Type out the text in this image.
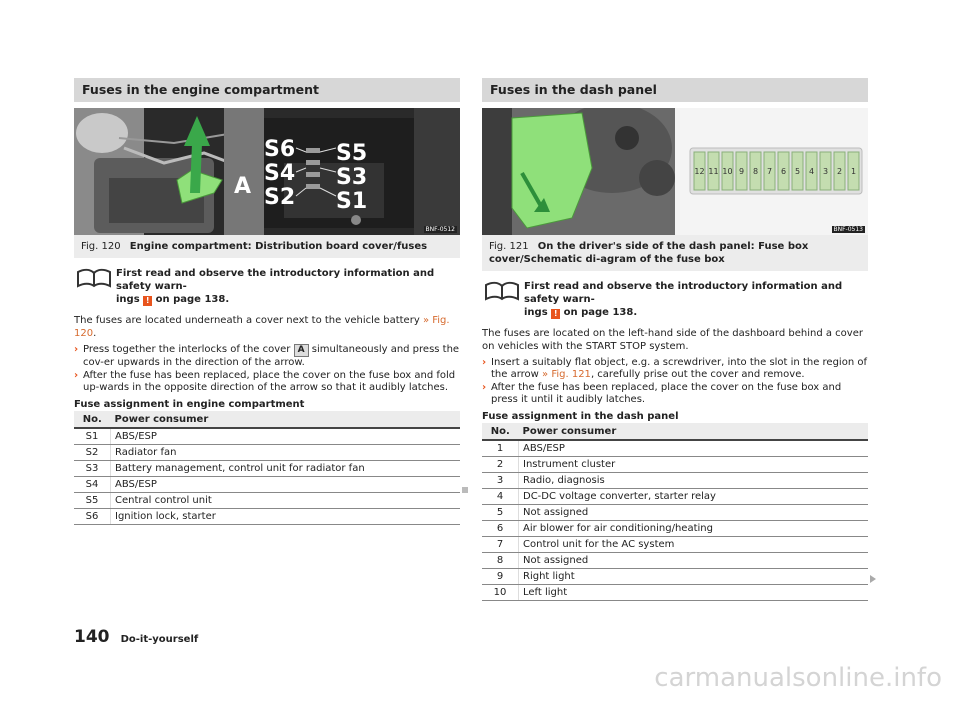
Fuses in the engine compartment
S6
S4
S2
S5
S3
S1
A
BNF-0512
Fig. 120 Engine compartment: Distribution board cover/fuses
First read and observe the introductory information and safety warn-
ings ! on page 138.

The fuses are located underneath a cover next to the vehicle battery » Fig. 120.

› Press together the interlocks of the cover A simultaneously and press the cov-er upwards in the direction of the arrow.
› After the fuse has been replaced, place the cover on the fuse box and fold up-wards in the opposite direction of the arrow so that it audibly latches.
Fuse assignment in engine compartment
No.	Power consumer
S1	ABS/ESP
S2	Radiator fan
S3	Battery management, control unit for radiator fan
S4	ABS/ESP
S5	Central control unit
S6	Ignition lock, starter
Fuses in the dash panel
12 11 10 9 8 7 6 5 4 3 2 1
BNF-0513
Fig. 121 On the driver's side of the dash panel: Fuse box cover/Schematic di-agram of the fuse box
First read and observe the introductory information and safety warn-
ings ! on page 138.

The fuses are located on the left-hand side of the dashboard behind a cover on vehicles with the START STOP system.

› Insert a suitably flat object, e.g. a screwdriver, into the slot in the region of the arrow » Fig. 121, carefully prise out the cover and remove.
› After the fuse has been replaced, place the cover on the fuse box and press it until it audibly latches.
Fuse assignment in the dash panel
No.	Power consumer
1	ABS/ESP
2	Instrument cluster
3	Radio, diagnosis
4	DC-DC voltage converter, starter relay
5	Not assigned
6	Air blower for air conditioning/heating
7	Control unit for the AC system
8	Not assigned
9	Right light
10	Left light
140 Do-it-yourself
carmanualsonline.info
